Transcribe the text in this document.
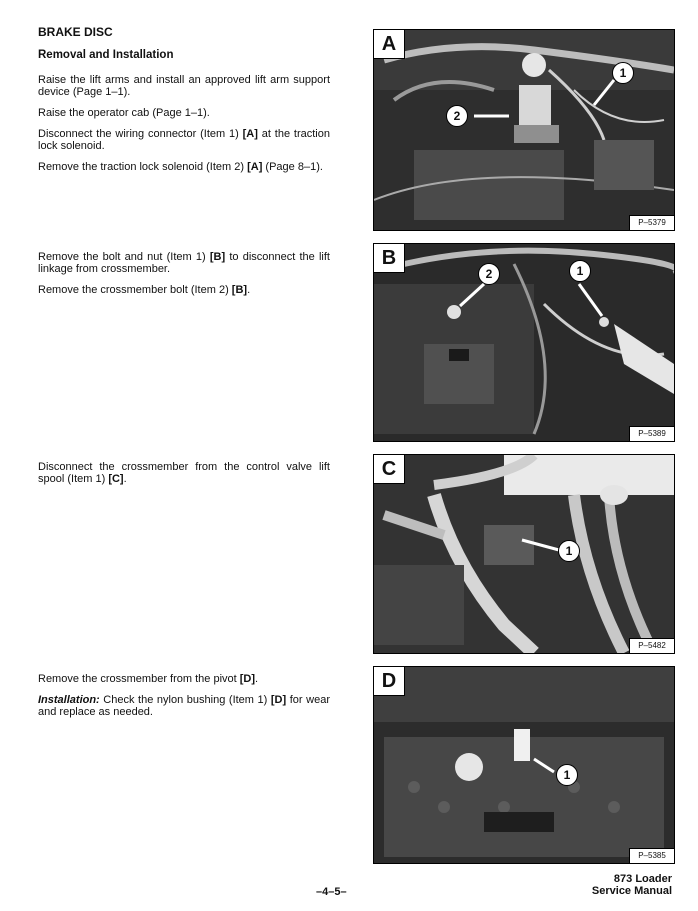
BRAKE DISC
Removal and Installation

Raise the lift arms and install an approved lift arm support device (Page 1–1).

Raise the operator cab (Page 1–1).

Disconnect the wiring connector (Item 1) [A] at the traction lock solenoid.

Remove the traction lock solenoid (Item 2) [A] (Page 8–1).

Remove the bolt and nut (Item 1) [B] to disconnect the lift linkage from crossmember.

Remove the crossmember bolt (Item 2) [B].

Disconnect the crossmember from the control valve lift spool (Item 1) [C].

Remove the crossmember from the pivot [D].

Installation: Check the nylon bushing (Item 1) [D] for wear and replace as needed.

A
1
2
P–5379
B
2	1
P–5389
C
1
P–5482
D
1
P–5385
–4–5–
873 Loader
Service Manual
